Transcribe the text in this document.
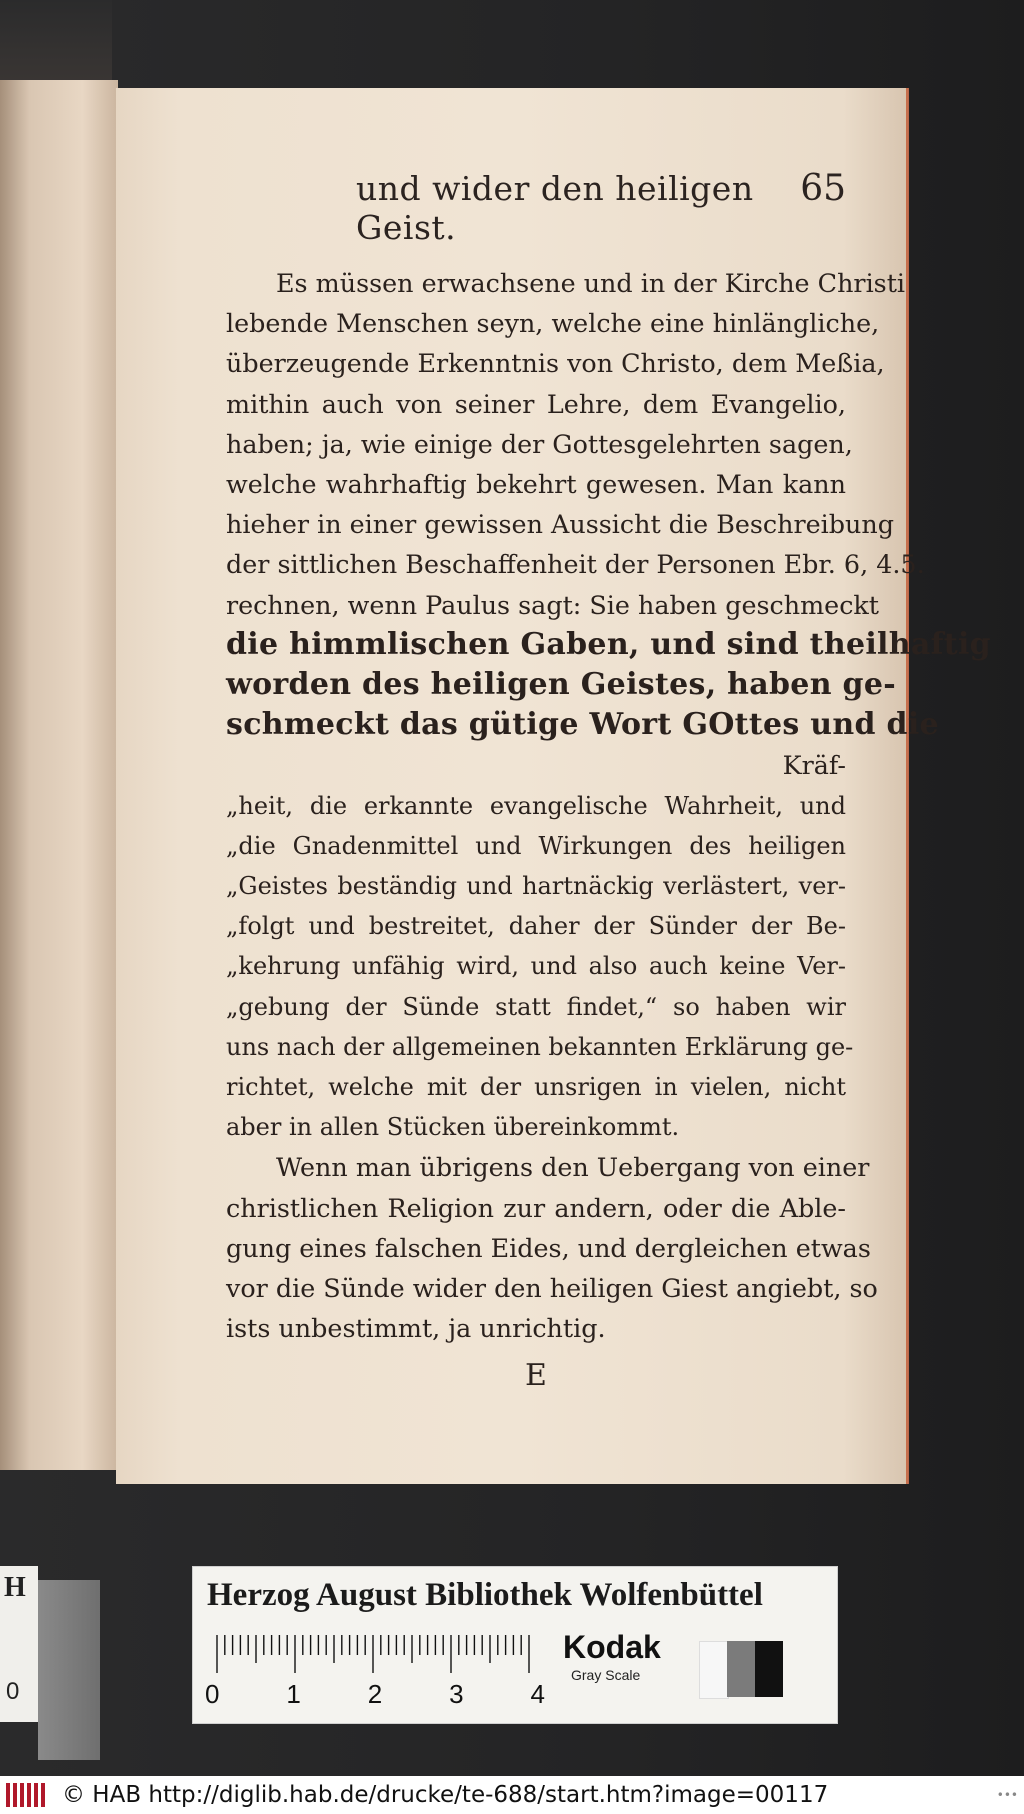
und wider den heiligen Geist.
65

Es müssen erwachsene und in der Kirche Christi
lebende Menschen seyn, welche eine hinlängliche,
überzeugende Erkenntnis von Christo, dem Meßia,
mithin auch von seiner Lehre, dem Evangelio,
haben; ja, wie einige der Gottesgelehrten sagen,
welche wahrhaftig bekehrt gewesen. Man kann
hieher in einer gewissen Aussicht die Beschreibung
der sittlichen Beschaffenheit der Personen Ebr. 6, 4.5.
rechnen, wenn Paulus sagt: Sie haben geschmeckt
die himmlischen Gaben, und sind theilhaftig
worden des heiligen Geistes, haben ge-
schmeckt das gütige Wort GOttes und die
Kräf-

„heit, die erkannte evangelische Wahrheit, und
„die Gnadenmittel und Wirkungen des heiligen
„Geistes beständig und hartnäckig verlästert, ver-
„folgt und bestreitet, daher der Sünder der Be-
„kehrung unfähig wird, und also auch keine Ver-
„gebung der Sünde statt findet,“ so haben wir
uns nach der allgemeinen bekannten Erklärung ge-
richtet, welche mit der unsrigen in vielen, nicht
aber in allen Stücken übereinkommt.

Wenn man übrigens den Uebergang von einer
christlichen Religion zur andern, oder die Able-
gung eines falschen Eides, und dergleichen etwas
vor die Sünde wider den heiligen Giest angiebt, so
ists unbestimmt, ja unrichtig.

E
H
0
Herzog August Bibliothek Wolfenbüttel
0	1	2	3	4
Kodak
Gray Scale
© HAB http://diglib.hab.de/drucke/te-688/start.htm?image=00117	•••
